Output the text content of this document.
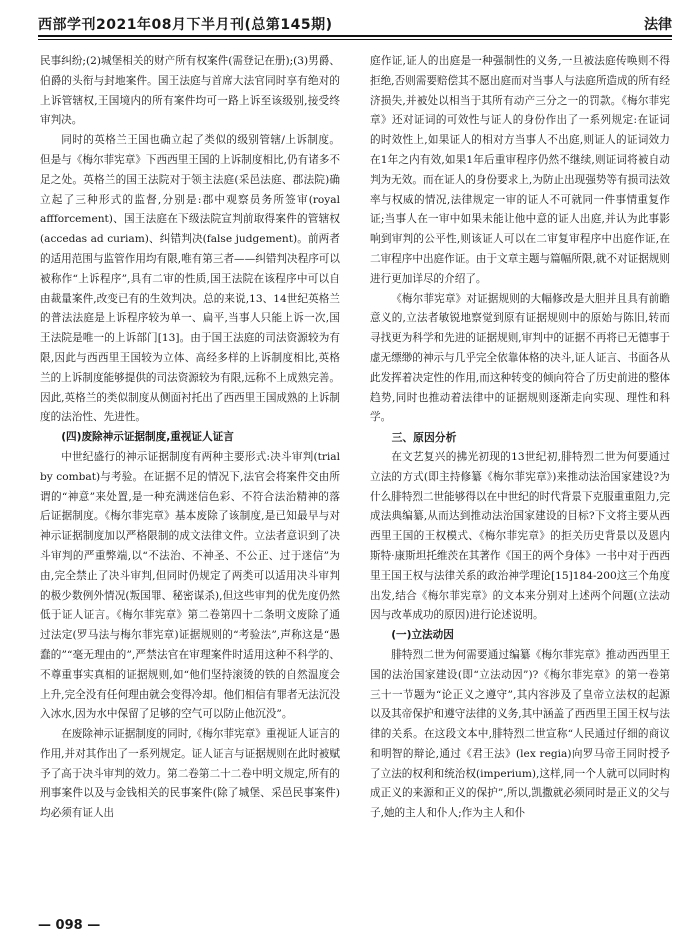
西部学刊2021年08月下半月刊(总第145期)	法律

民事纠纷;(2)城堡相关的财产所有权案件(需登记在册);(3)男爵、伯爵的头衔与封地案件。国王法庭与首席大法官同时享有绝对的上诉管辖权,王国境内的所有案件均可一路上诉至该级别,接受终审判决。

同时的英格兰王国也确立起了类似的级别管辖/上诉制度。但是与《梅尔菲宪章》下西西里王国的上诉制度相比,仍有诸多不足之处。英格兰的国王法院对于领主法庭(采邑法庭、郡法院)确立起了三种形式的监督,分别是:郡中观察员务所签审(royal affforcement)、国王法庭在下级法院宣判前取得案件的管辖权(accedas ad curiam)、纠错判决(false judgement)。前两者的适用范围与监管作用均有限,唯有第三者——纠错判决程序可以被称作“上诉程序”,具有二审的性质,国王法院在该程序中可以自由裁量案件,改变已有的生效判决。总的来说,13、14世纪英格兰的普法法庭是上诉程序较为单一、扁平,当事人只能上诉一次,国王法院是唯一的上诉部门[13]。由于国王法庭的司法资源较为有限,因此与西西里王国较为立体、高经多样的上诉制度相比,英格兰的上诉制度能够提供的司法资源较为有限,远称不上成熟完善。因此,英格兰的类似制度从侧面衬托出了西西里王国成熟的上诉制度的法治性、先进性。

(四)废除神示证据制度,重视证人证言

中世纪盛行的神示证据制度有两种主要形式:决斗审判(trial by combat)与考验。在证据不足的情况下,法官会将案件交由所谓的“神意”来处置,是一种充满迷信色彩、不符合法治精神的落后证据制度。《梅尔菲宪章》基本废除了该制度,是已知最早与对神示证据制度加以严格限制的成文法律文件。立法者意识到了决斗审判的严重弊端,以“不法治、不神圣、不公正、过于迷信”为由,完全禁止了决斗审判,但同时仍规定了两类可以适用决斗审判的极少数例外情况(叛国罪、秘密谋杀),但这些审判的优先度仍然低于证人证言。《梅尔菲宪章》第二卷第四十二条明文废除了通过法定(罗马法与梅尔菲宪章)证据规则的“考验法”,声称这是“愚蠢的”“毫无理由的”,严禁法官在审理案件时适用这种不科学的、不尊重事实真相的证据规则,如“他们坚持滚烫的铁的自然温度会上升,完全没有任何理由就会变得冷却。他们相信有罪者无法沉没入冰水,因为水中保留了足够的空气可以防止他沉没”。

在废除神示证据制度的同时,《梅尔菲宪章》重视证人证言的作用,并对其作出了一系列规定。证人证言与证据规则在此时被赋予了高于决斗审判的效力。第二卷第二十二卷中明文规定,所有的刑事案件以及与金钱相关的民事案件(除了城堡、采邑民事案件)均必须有证人出

庭作证,证人的出庭是一种强制性的义务,一旦被法庭传唤则不得拒绝,否则需要赔偿其不愿出庭而对当事人与法庭所造成的所有经济损失,并被处以相当于其所有动产三分之一的罚款。《梅尔菲宪章》还对证词的可效性与证人的身份作出了一系列规定:在证词的时效性上,如果证人的相对方当事人不出庭,则证人的证词效力在1年之内有效,如果1年后重审程序仍然不继续,则证词将被自动判为无效。而在证人的身份要求上,为防止出现强势等有损司法效率与权威的情况,法律规定一审的证人不可就同一件事情重复作证;当事人在一审中如果未能让他中意的证人出庭,并认为此事影响到审判的公平性,则该证人可以在二审复审程序中出庭作证,在二审程序中出庭作证。由于文章主题与篇幅所限,就不对证据规则进行更加详尽的介绍了。

《梅尔菲宪章》对证据规则的大幅修改是大胆并且具有前瞻意义的,立法者敏锐地察觉到原有证据规则中的原始与陈旧,转而寻找更为科学和先进的证据规则,审判中的证据不再将已无德事于虚无缥缈的神示与几乎完全依靠体格的决斗,证人证言、书面各从此发挥着决定性的作用,而这种转变的倾向符合了历史前进的整体趋势,同时也推动着法律中的证据规则逐渐走向实现、理性和科学。

三、原因分析

在文艺复兴的拂光初现的13世纪初,腓特烈二世为何要通过立法的方式(即主持修纂《梅尔菲宪章》)来推动法治国家建设?为什么腓特烈二世能够得以在中世纪的时代背景下克服重重阻力,完成法典编纂,从而达到推动法治国家建设的目标?下文将主要从西西里王国的王权模式、《梅尔菲宪章》的拒关历史背景以及恩内斯特·康斯坦托维茨在其著作《国王的两个身体》一书中对于西西里王国王权与法律关系的政治神学理论[15]184-200这三个角度出发,结合《梅尔菲宪章》的文本来分别对上述两个问题(立法动因与改革成功的原因)进行论述说明。

(一)立法动因

腓特烈二世为何需要通过编纂《梅尔菲宪章》推动西西里王国的法治国家建设(即“立法动因”)?《梅尔菲宪章》的第一卷第三十一节题为“论正义之遵守”,其内容涉及了皇帝立法权的起源以及其帝保护和遵守法律的义务,其中涵盖了西西里王国王权与法律的关系。在这段文本中,腓特烈二世宣称“人民通过仔细的商议和明智的辩论,通过《君王法》(lex regia)向罗马帝王同时授予了立法的权利和统治权(imperium),这样,同一个人就可以同时构成正义的来源和正义的保护”,所以,凯撒就必须同时是正义的父与子,她的主人和仆人;作为主人和仆

— 098 —
